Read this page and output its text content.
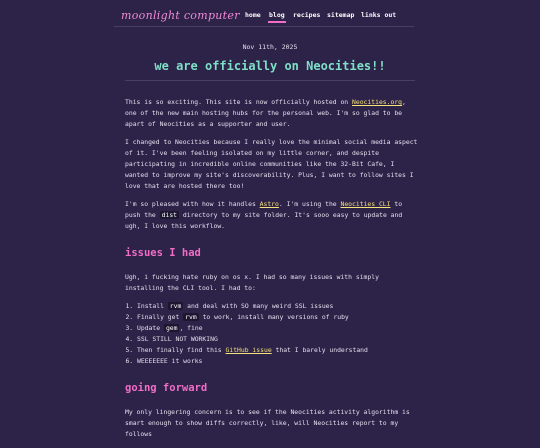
moonlight computer home blog recipes sitemap links out
Nov 11th, 2025
we are officially on Neocities!!

This is so exciting. This site is now officially hosted on Neocities.org, one of the new main hosting hubs for the personal web. I'm so glad to be apart of Neocities as a supporter and user.

I changed to Neocities because I really love the minimal social media aspect of it. I've been feeling isolated on my little corner, and despite participating in incredible online communities like the 32-Bit Cafe, I wanted to improve my site's discoverability. Plus, I want to follow sites I love that are hosted there too!

I'm so pleased with how it handles Astro. I'm using the Neocities CLI to push the dist directory to my site folder. It's sooo easy to update and ugh, I love this workflow.

issues I had

Ugh, i fucking hate ruby on os x. I had so many issues with simply installing the CLI tool. I had to:

1. Install rvm and deal with SO many weird SSL issues
2. Finally get rvm to work, install many versions of ruby
3. Update gem , fine
4. SSL STILL NOT WORKING
5. Then finally find this GitHub issue that I barely understand
6. WEEEEEEE it works
going forward

My only lingering concern is to see if the Neocities activity algorithm is smart enough to show diffs correctly, like, will Neocities report to my follows
